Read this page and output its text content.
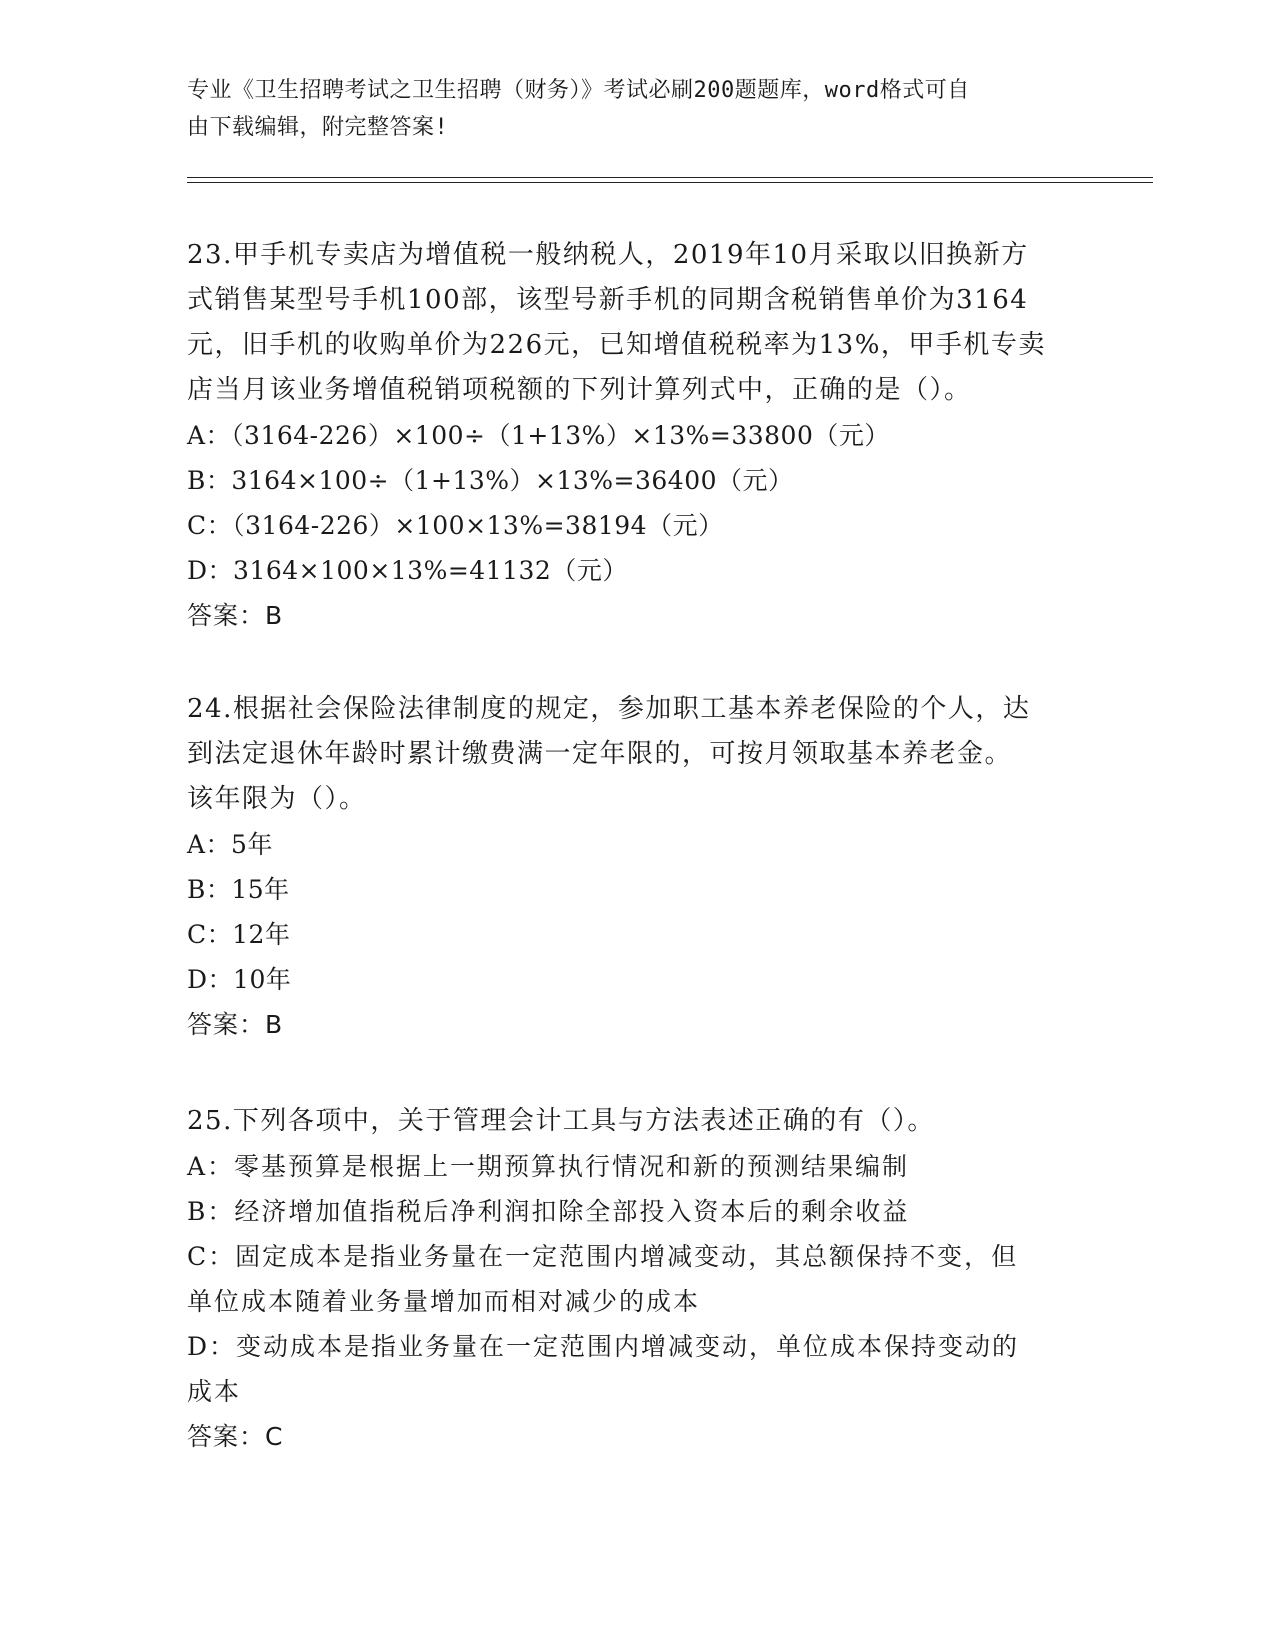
专业《卫生招聘考试之卫生招聘（财务）》考试必刷200题题库，word格式可自
由下载编辑，附完整答案!
23.甲手机专卖店为增值税一般纳税人，2019年10月采取以旧换新方
式销售某型号手机100部，该型号新手机的同期含税销售单价为3164
元，旧手机的收购单价为226元，已知增值税税率为13%，甲手机专卖
店当月该业务增值税销项税额的下列计算列式中，正确的是（）。
A：（3164-226）×100÷（1+13%）×13%=33800（元）
B：3164×100÷（1+13%）×13%=36400（元）
C：（3164-226）×100×13%=38194（元）
D：3164×100×13%=41132（元）
答案：B
24.根据社会保险法律制度的规定，参加职工基本养老保险的个人，达
到法定退休年龄时累计缴费满一定年限的，可按月领取基本养老金。
该年限为（）。
A：5年
B：15年
C：12年
D：10年
答案：B
25.下列各项中，关于管理会计工具与方法表述正确的有（）。
A：零基预算是根据上一期预算执行情况和新的预测结果编制
B：经济增加值指税后净利润扣除全部投入资本后的剩余收益
C：固定成本是指业务量在一定范围内增减变动，其总额保持不变，但
单位成本随着业务量增加而相对减少的成本
D：变动成本是指业务量在一定范围内增减变动，单位成本保持变动的
成本
答案：C
